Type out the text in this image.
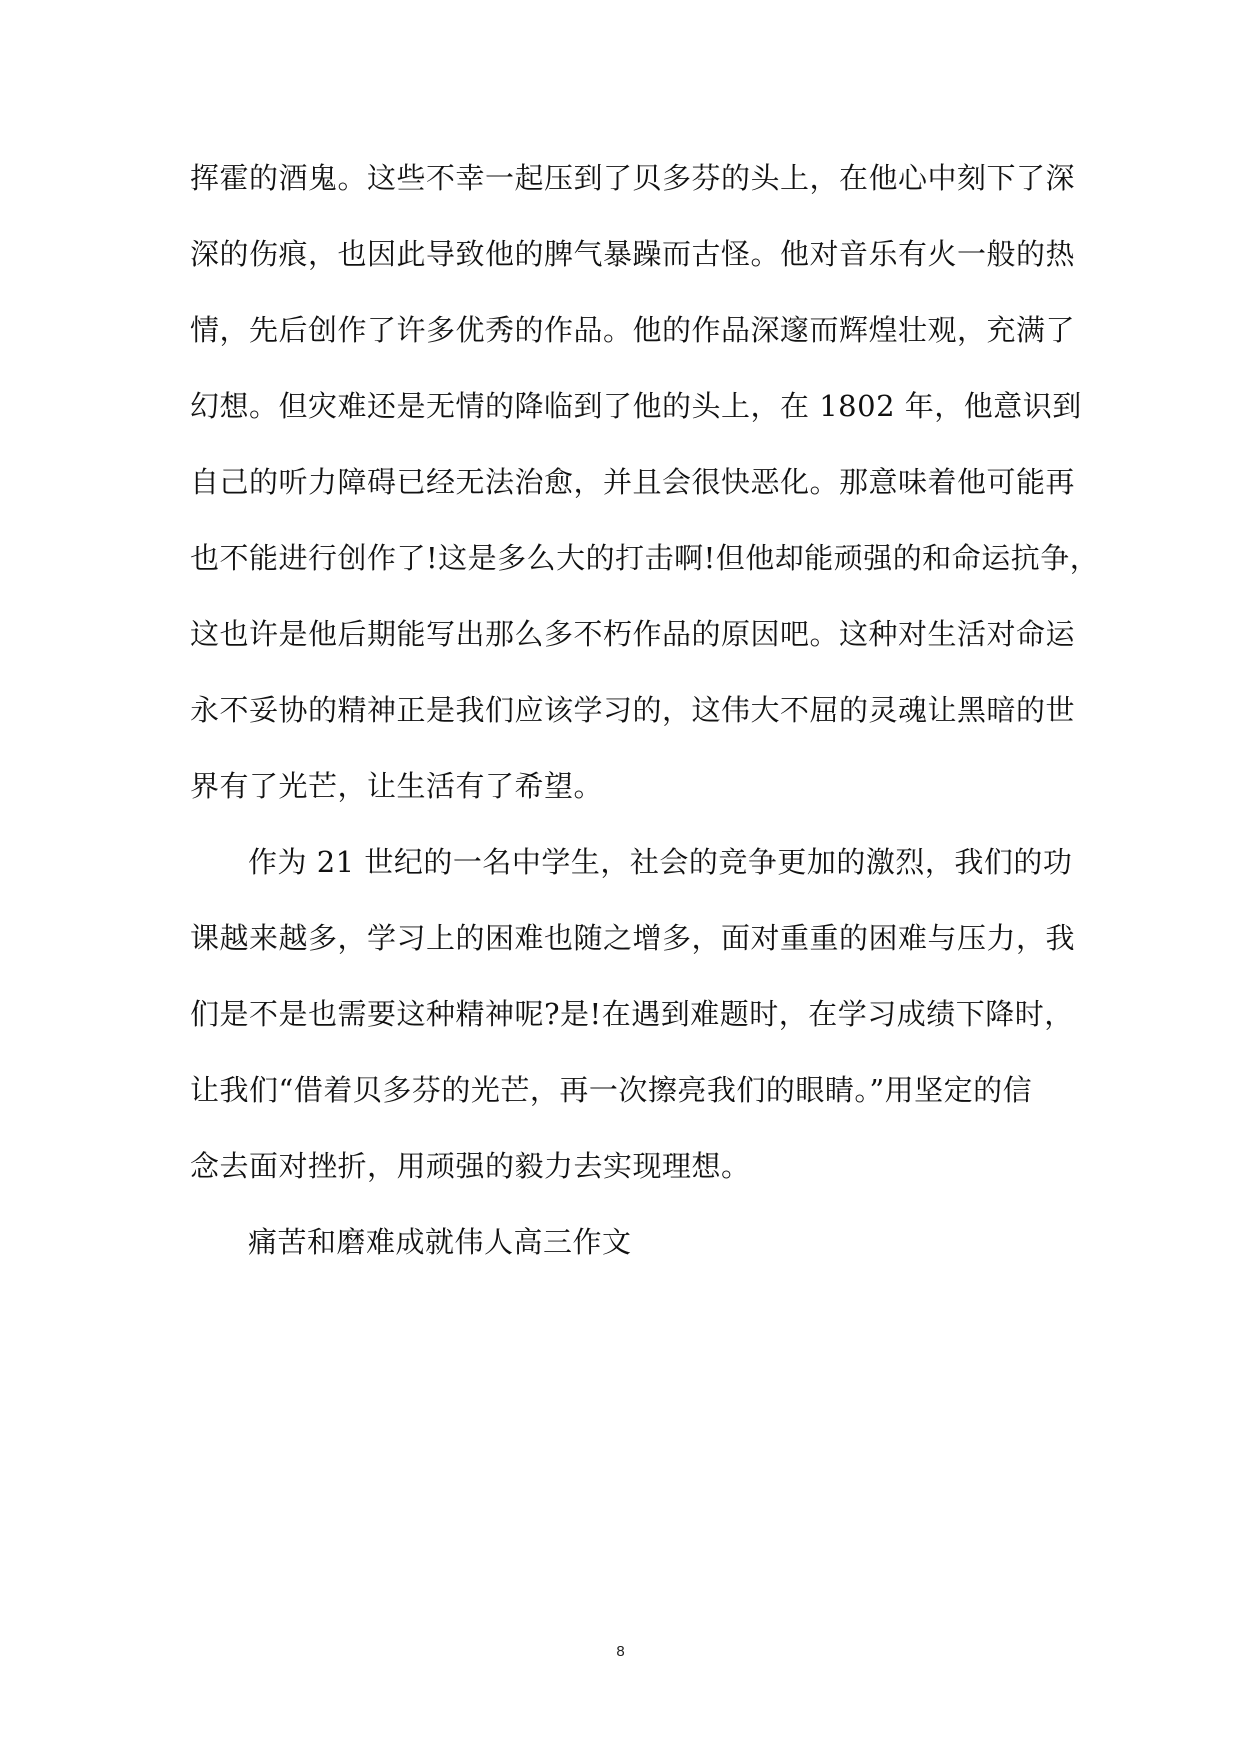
挥霍的酒鬼。这些不幸一起压到了贝多芬的头上，在他心中刻下了深
深的伤痕，也因此导致他的脾气暴躁而古怪。他对音乐有火一般的热
情，先后创作了许多优秀的作品。他的作品深邃而辉煌壮观，充满了
幻想。但灾难还是无情的降临到了他的头上，在 1802 年，他意识到
自己的听力障碍已经无法治愈，并且会很快恶化。那意味着他可能再
也不能进行创作了!这是多么大的打击啊!但他却能顽强的和命运抗争，
这也许是他后期能写出那么多不朽作品的原因吧。这种对生活对命运
永不妥协的精神正是我们应该学习的，这伟大不屈的灵魂让黑暗的世
界有了光芒，让生活有了希望。

作为 21 世纪的一名中学生，社会的竞争更加的激烈，我们的功
课越来越多，学习上的困难也随之增多，面对重重的困难与压力，我
们是不是也需要这种精神呢?是!在遇到难题时，在学习成绩下降时，
让我们“借着贝多芬的光芒，再一次擦亮我们的眼睛。”用坚定的信
念去面对挫折，用顽强的毅力去实现理想。

痛苦和磨难成就伟人高三作文

8
